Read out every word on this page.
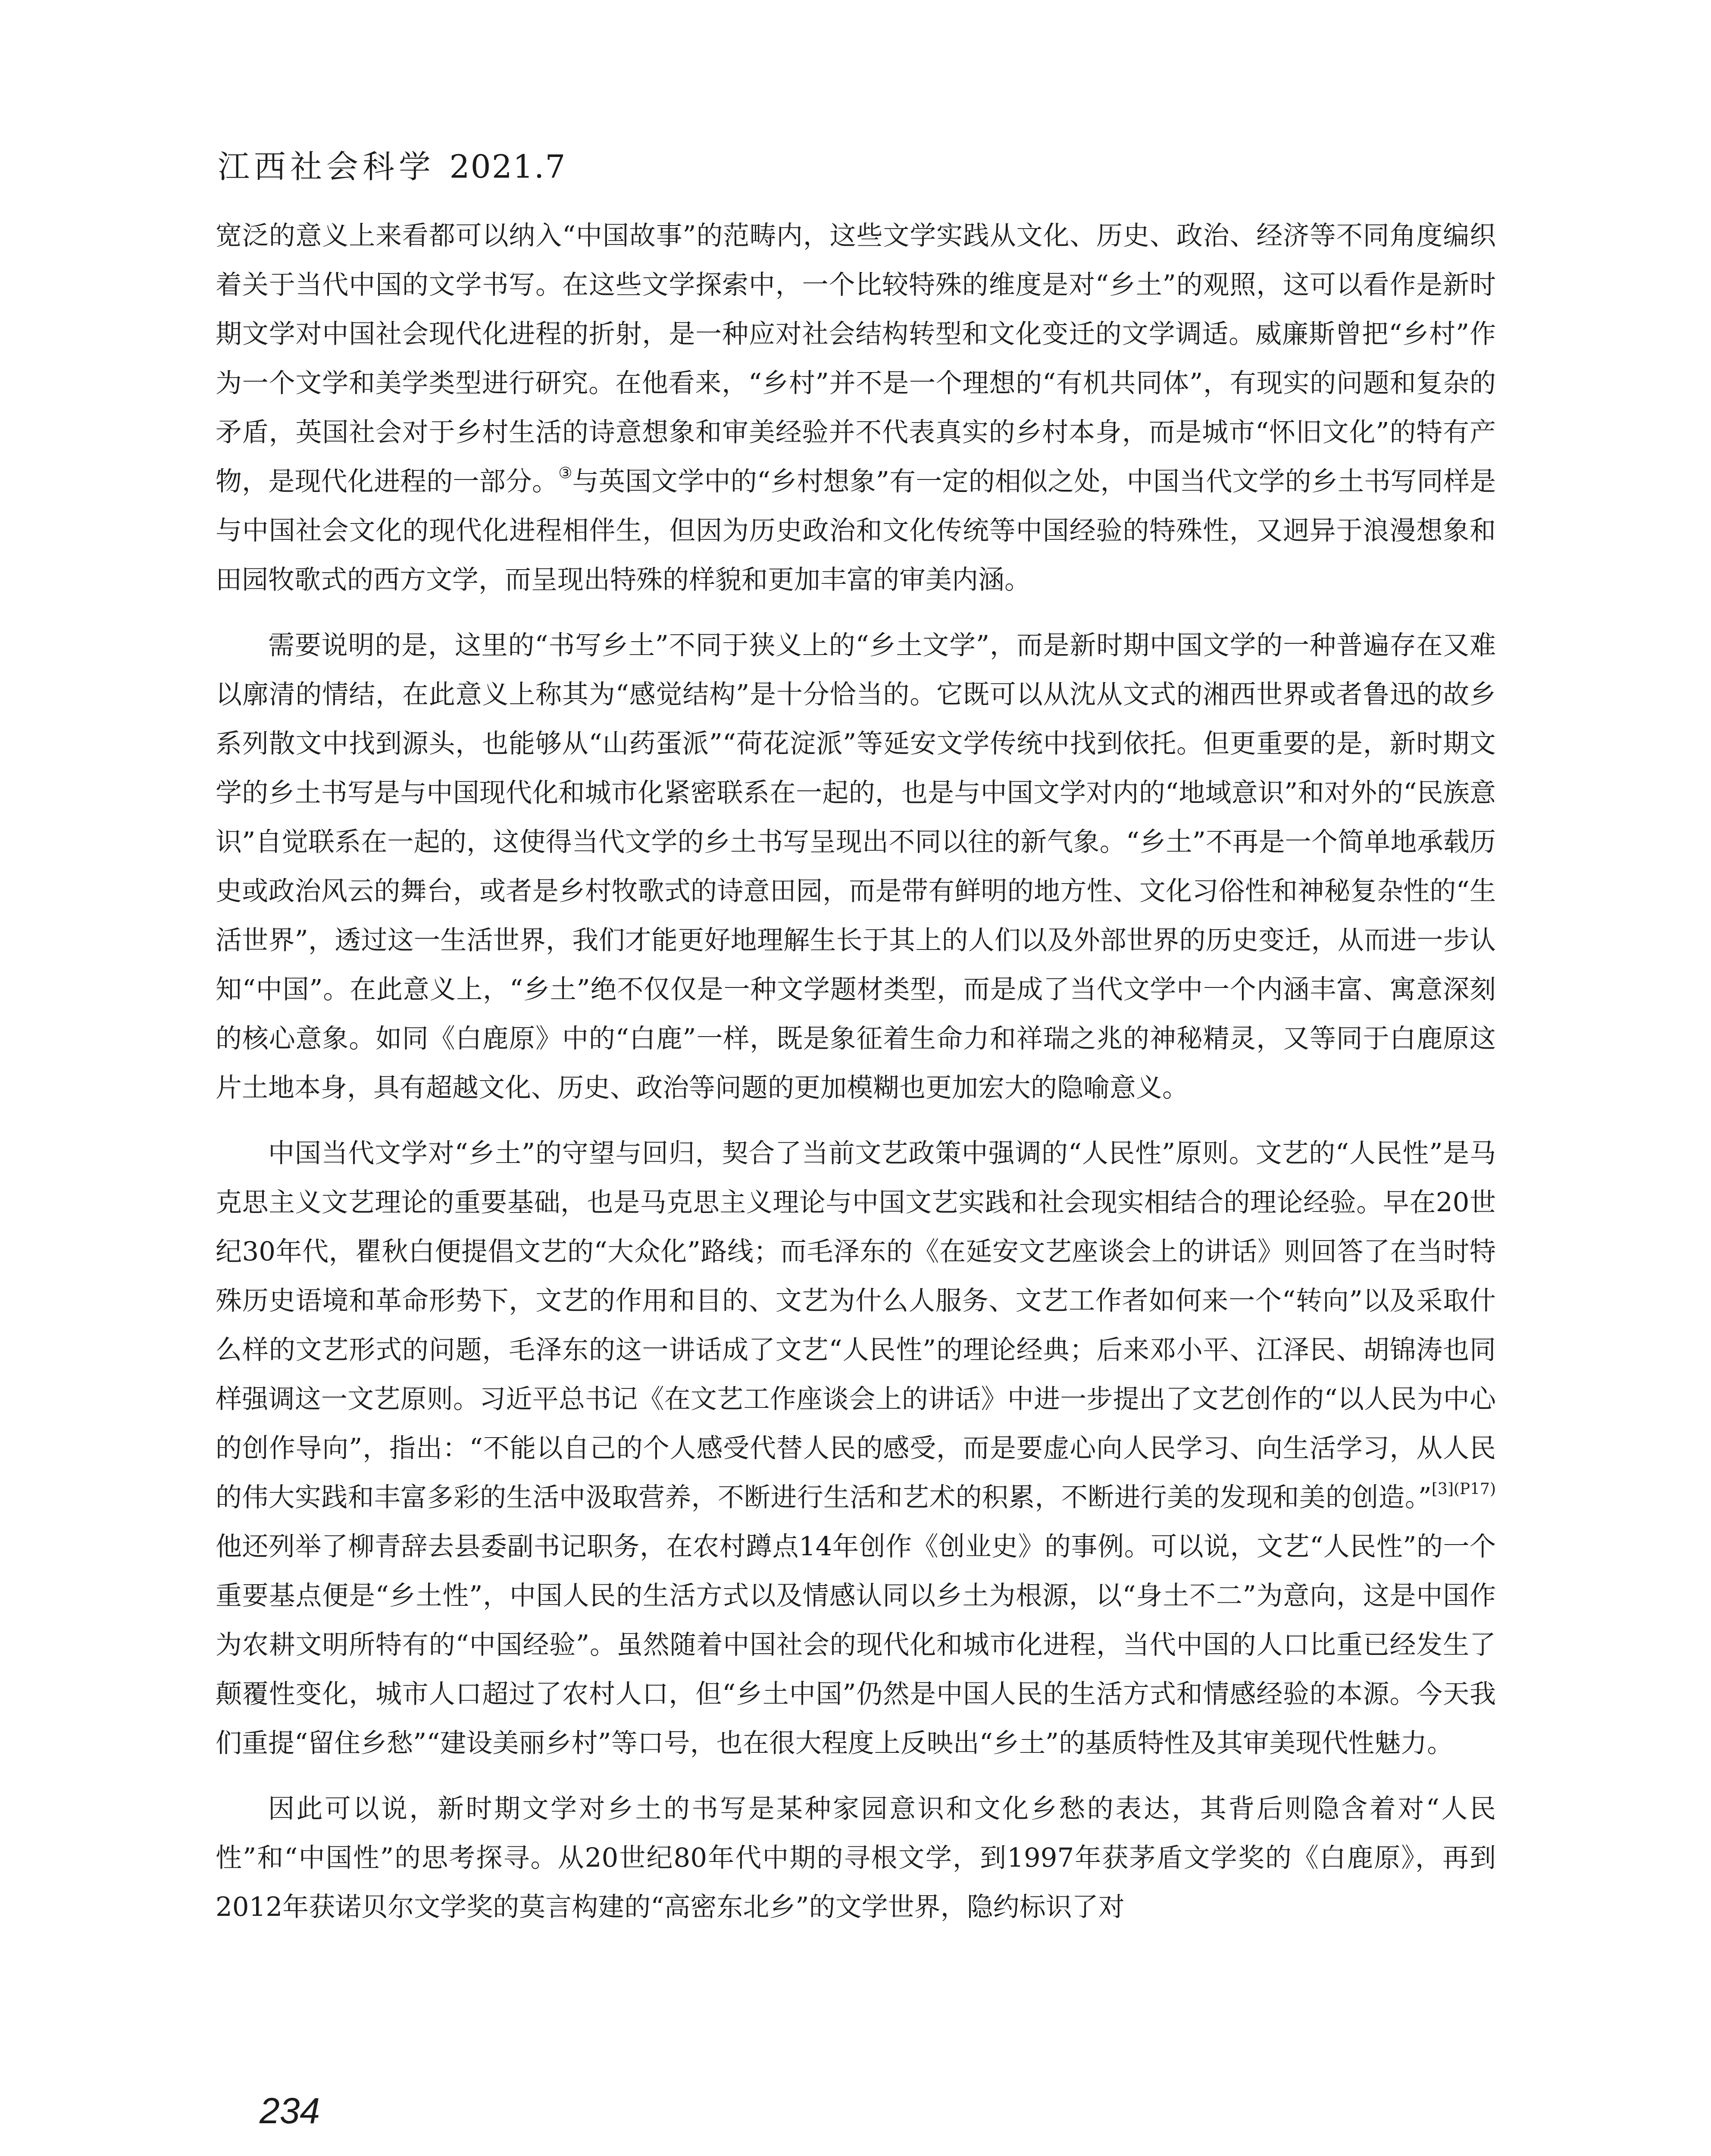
江西社会科学 2021.7

宽泛的意义上来看都可以纳入“中国故事”的范畴内，这些文学实践从文化、历史、政治、经济等不同角度编织着关于当代中国的文学书写。在这些文学探索中，一个比较特殊的维度是对“乡土”的观照，这可以看作是新时期文学对中国社会现代化进程的折射，是一种应对社会结构转型和文化变迁的文学调适。威廉斯曾把“乡村”作为一个文学和美学类型进行研究。在他看来，“乡村”并不是一个理想的“有机共同体”，有现实的问题和复杂的矛盾，英国社会对于乡村生活的诗意想象和审美经验并不代表真实的乡村本身，而是城市“怀旧文化”的特有产物，是现代化进程的一部分。③与英国文学中的“乡村想象”有一定的相似之处，中国当代文学的乡土书写同样是与中国社会文化的现代化进程相伴生，但因为历史政治和文化传统等中国经验的特殊性，又迥异于浪漫想象和田园牧歌式的西方文学，而呈现出特殊的样貌和更加丰富的审美内涵。

需要说明的是，这里的“书写乡土”不同于狭义上的“乡土文学”，而是新时期中国文学的一种普遍存在又难以廓清的情结，在此意义上称其为“感觉结构”是十分恰当的。它既可以从沈从文式的湘西世界或者鲁迅的故乡系列散文中找到源头，也能够从“山药蛋派”“荷花淀派”等延安文学传统中找到依托。但更重要的是，新时期文学的乡土书写是与中国现代化和城市化紧密联系在一起的，也是与中国文学对内的“地域意识”和对外的“民族意识”自觉联系在一起的，这使得当代文学的乡土书写呈现出不同以往的新气象。“乡土”不再是一个简单地承载历史或政治风云的舞台，或者是乡村牧歌式的诗意田园，而是带有鲜明的地方性、文化习俗性和神秘复杂性的“生活世界”，透过这一生活世界，我们才能更好地理解生长于其上的人们以及外部世界的历史变迁，从而进一步认知“中国”。在此意义上，“乡土”绝不仅仅是一种文学题材类型，而是成了当代文学中一个内涵丰富、寓意深刻的核心意象。如同《白鹿原》中的“白鹿”一样，既是象征着生命力和祥瑞之兆的神秘精灵，又等同于白鹿原这片土地本身，具有超越文化、历史、政治等问题的更加模糊也更加宏大的隐喻意义。

中国当代文学对“乡土”的守望与回归，契合了当前文艺政策中强调的“人民性”原则。文艺的“人民性”是马克思主义文艺理论的重要基础，也是马克思主义理论与中国文艺实践和社会现实相结合的理论经验。早在20世纪30年代，瞿秋白便提倡文艺的“大众化”路线；而毛泽东的《在延安文艺座谈会上的讲话》则回答了在当时特殊历史语境和革命形势下，文艺的作用和目的、文艺为什么人服务、文艺工作者如何来一个“转向”以及采取什么样的文艺形式的问题，毛泽东的这一讲话成了文艺“人民性”的理论经典；后来邓小平、江泽民、胡锦涛也同样强调这一文艺原则。习近平总书记《在文艺工作座谈会上的讲话》中进一步提出了文艺创作的“以人民为中心的创作导向”，指出：“不能以自己的个人感受代替人民的感受，而是要虚心向人民学习、向生活学习，从人民的伟大实践和丰富多彩的生活中汲取营养，不断进行生活和艺术的积累，不断进行美的发现和美的创造。”$^{[3](P17)}$他还列举了柳青辞去县委副书记职务，在农村蹲点14年创作《创业史》的事例。可以说，文艺“人民性”的一个重要基点便是“乡土性”，中国人民的生活方式以及情感认同以乡土为根源，以“身土不二”为意向，这是中国作为农耕文明所特有的“中国经验”。虽然随着中国社会的现代化和城市化进程，当代中国的人口比重已经发生了颠覆性变化，城市人口超过了农村人口，但“乡土中国”仍然是中国人民的生活方式和情感经验的本源。今天我们重提“留住乡愁”“建设美丽乡村”等口号，也在很大程度上反映出“乡土”的基质特性及其审美现代性魅力。

因此可以说，新时期文学对乡土的书写是某种家园意识和文化乡愁的表达，其背后则隐含着对“人民性”和“中国性”的思考探寻。从20世纪80年代中期的寻根文学，到1997年获茅盾文学奖的《白鹿原》，再到2012年获诺贝尔文学奖的莫言构建的“高密东北乡”的文学世界，隐约标识了对

234
